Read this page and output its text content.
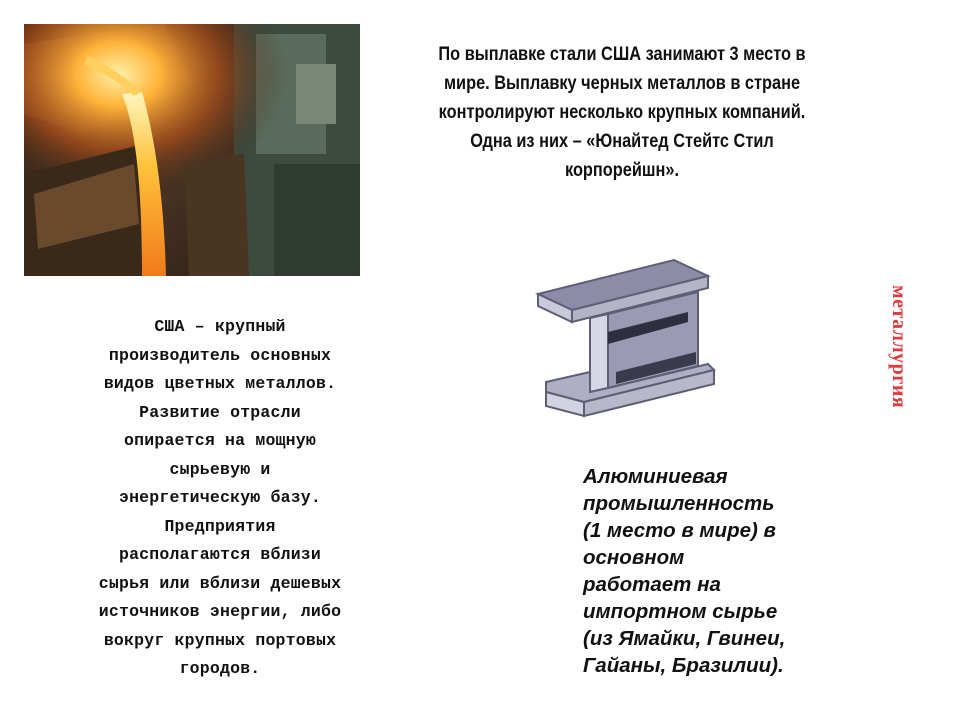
По выплавке стали США занимают 3 место в
мире. Выплавку черных металлов в стране
контролируют несколько крупных компаний.
Одна из них – «Юнайтед Стейтс Стил
корпорейшн».
США – крупный
производитель основных
видов цветных металлов.
Развитие отрасли
опирается на мощную
сырьевую и
энергетическую базу.
Предприятия
располагаются вблизи
сырья или вблизи дешевых
источников энергии, либо
вокруг крупных портовых
городов.
металлургия
Алюминиевая
промышленность
(1 место в мире) в
основном
работает на
импортном сырье
(из Ямайки, Гвинеи,
Гайаны, Бразилии).
